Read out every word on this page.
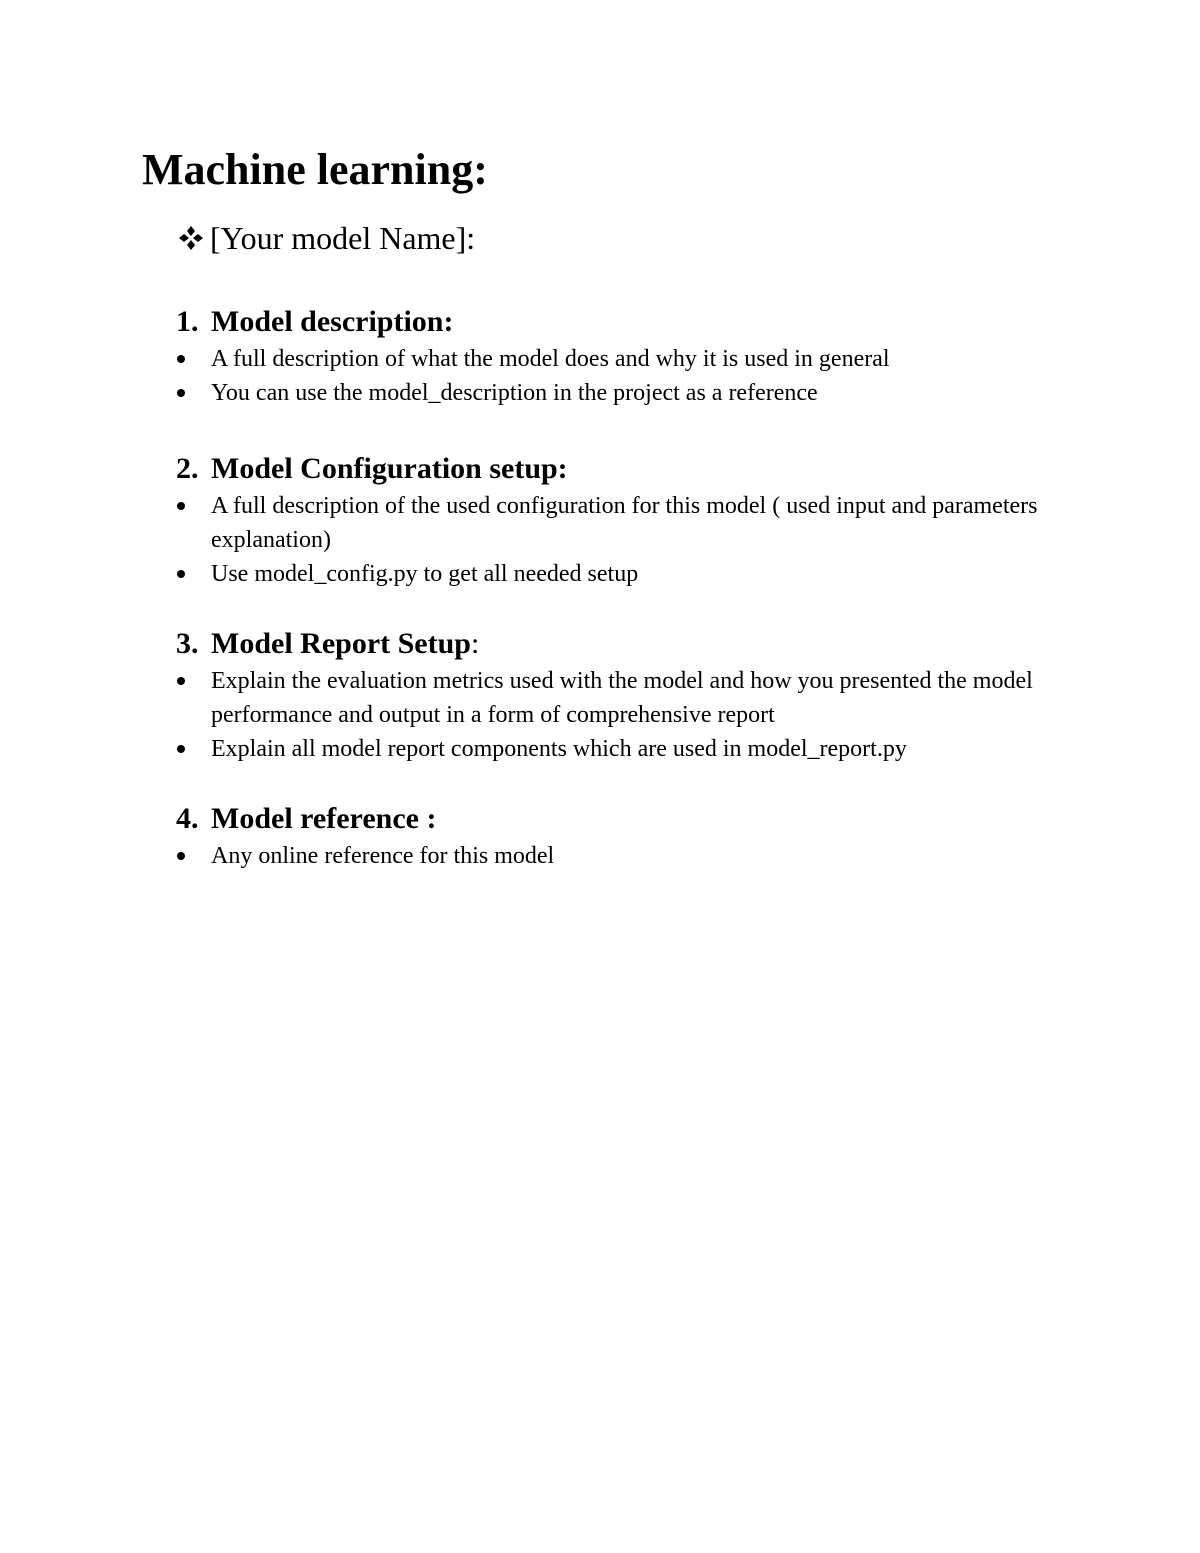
Machine learning:
[Your model Name]:
1. Model description:
A full description of what the model does and why it is used in general
You can use the model_description in the project as a reference
2. Model Configuration setup:
A full description of the used configuration for this model ( used input and parameters explanation)
Use model_config.py to get all needed setup
3. Model Report Setup :
Explain the evaluation metrics used with the model and how you presented the model performance and output in a form of comprehensive report
Explain all model report components which are used in model_report.py
4. Model reference :
Any online reference for this model
